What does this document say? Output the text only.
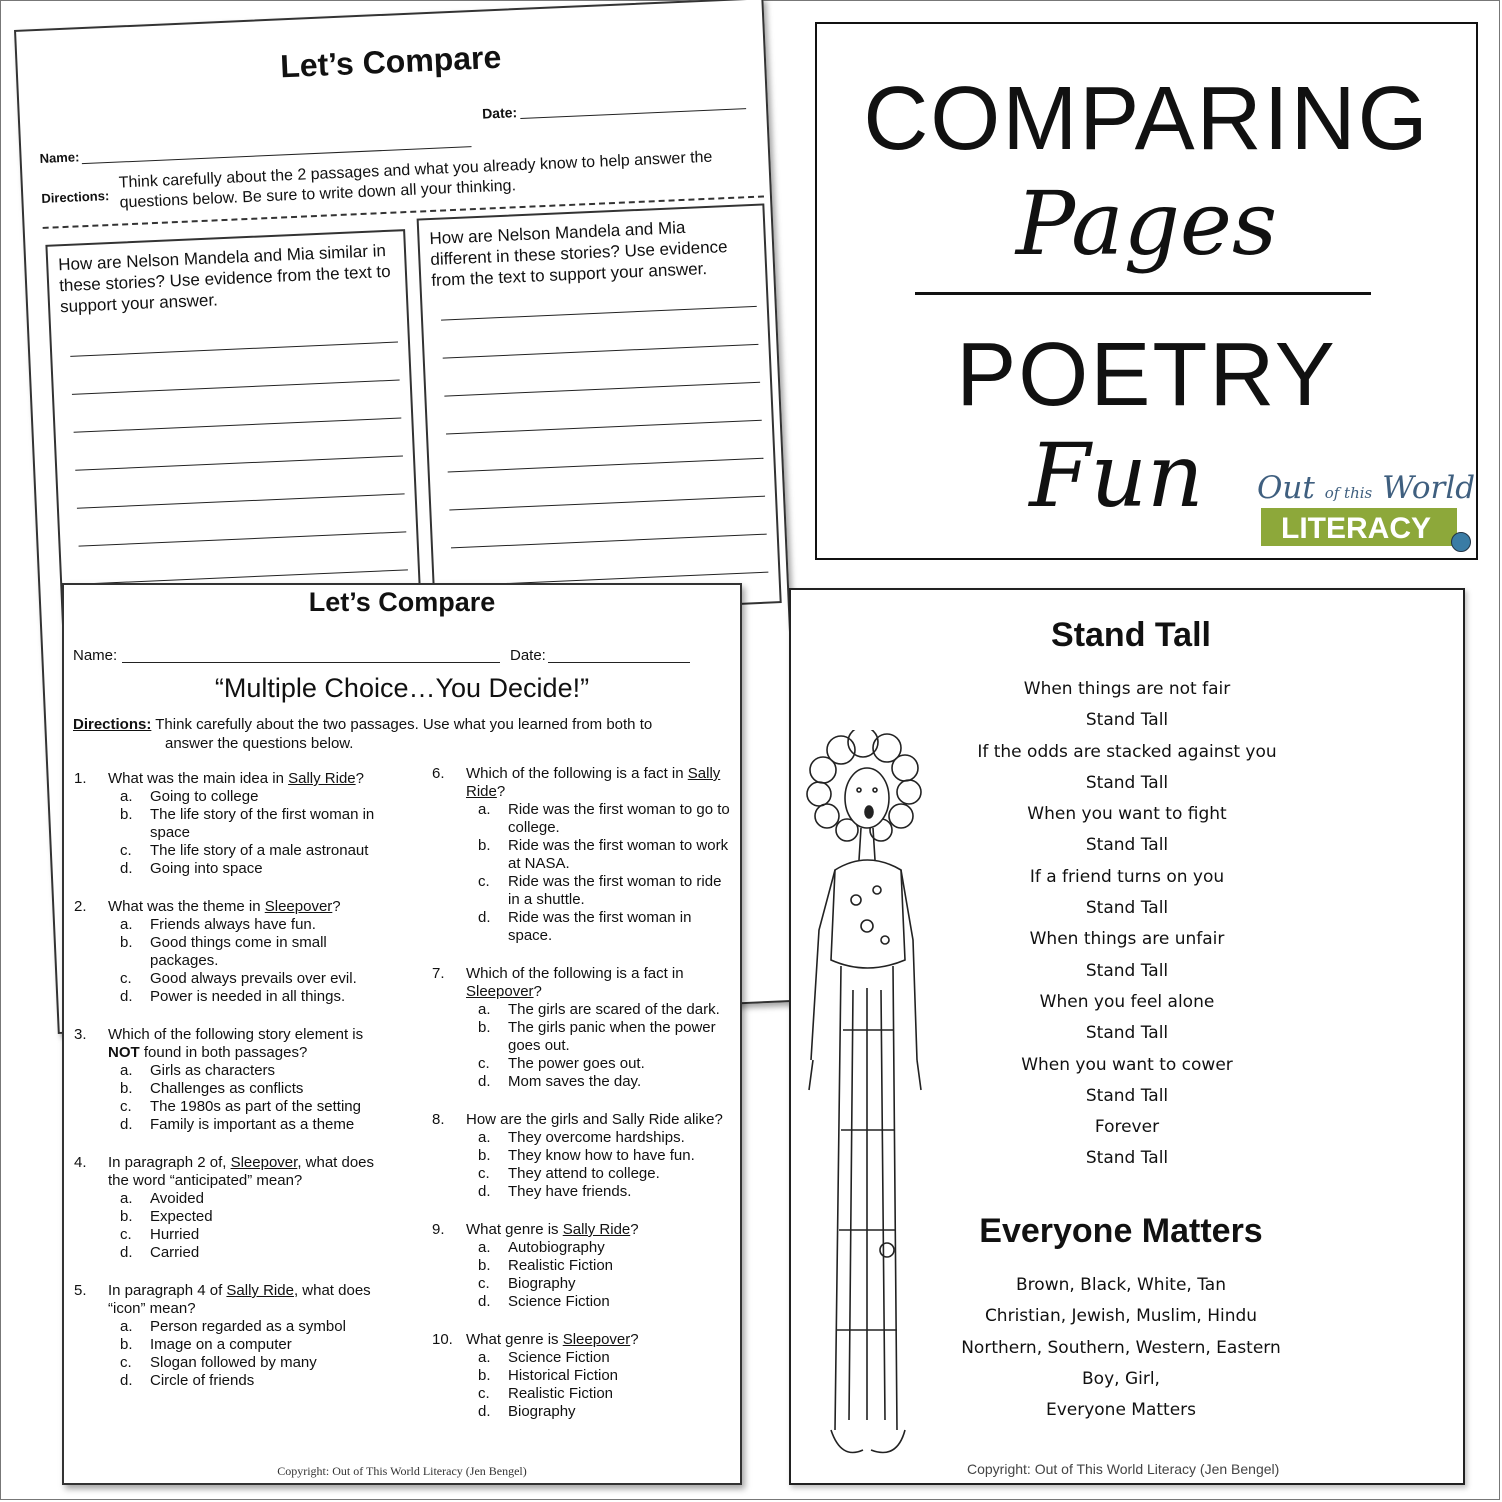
Let’s Compare
Date:
Name:
Directions:
Think carefully about the 2 passages and what you already know to help answer the questions below. Be sure to write down all your thinking.
How are Nelson Mandela and Mia similar in these stories? Use evidence from the text to support your answer.
How are Nelson Mandela and Mia different in these stories? Use evidence from the text to support your answer.
Let’s Compare
Name:	Date:
“Multiple Choice…You Decide!”
Directions: Think carefully about the two passages. Use what you learned from both to
answer the questions below.
1.	What was the main idea in Sally Ride?
a. Going to college
b. The life story of the first woman in space
c. The life story of a male astronaut
d. Going into space
2.	What was the theme in Sleepover?
a. Friends always have fun.
b. Good things come in small packages.
c. Good always prevails over evil.
d. Power is needed in all things.
3.	Which of the following story element is NOT found in both passages?
a. Girls as characters
b. Challenges as conflicts
c. The 1980s as part of the setting
d. Family is important as a theme
4.	In paragraph 2 of, Sleepover, what does the word “anticipated” mean?
a. Avoided
b. Expected
c. Hurried
d. Carried
5.	In paragraph 4 of Sally Ride, what does “icon” mean?
a. Person regarded as a symbol
b. Image on a computer
c. Slogan followed by many
d. Circle of friends
6.	Which of the following is a fact in Sally Ride?
a. Ride was the first woman to go to college.
b. Ride was the first woman to work at NASA.
c. Ride was the first woman to ride in a shuttle.
d. Ride was the first woman in space.
7.	Which of the following is a fact in Sleepover?
a. The girls are scared of the dark.
b. The girls panic when the power goes out.
c. The power goes out.
d. Mom saves the day.
8.	How are the girls and Sally Ride alike?
a. They overcome hardships.
b. They know how to have fun.
c. They attend to college.
d. They have friends.
9.	What genre is Sally Ride?
a. Autobiography
b. Realistic Fiction
c. Biography
d. Science Fiction
10. What genre is Sleepover?
a. Science Fiction
b. Historical Fiction
c. Realistic Fiction
d. Biography
Copyright: Out of This World Literacy (Jen Bengel)
COMPARING
Pages
POETRY
Fun	Out of this World
LITERACY
Stand Tall
When things are not fair
Stand Tall
If the odds are stacked against you
Stand Tall
When you want to fight
Stand Tall
If a friend turns on you
Stand Tall
When things are unfair
Stand Tall
When you feel alone
Stand Tall
When you want to cower
Stand Tall
Forever
Stand Tall
Everyone Matters
Brown, Black, White, Tan
Christian, Jewish, Muslim, Hindu
Northern, Southern, Western, Eastern
Boy, Girl,
Everyone Matters
Copyright: Out of This World Literacy (Jen Bengel)
